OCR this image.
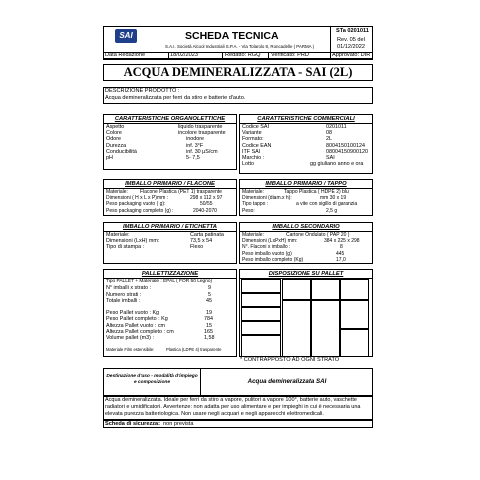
SAI	SCHEDA TECNICA
S.A.I. Società Alcool Industriali S.P.A. - Via Tolarolo 8, Roncadelle ( PARMA )
STa 0201011
Rev. 05 del
01/12/2022
Data Redazione	18/02/2023	Redatto: RGQ Verificato: PRD	Approvato: DIR
ACQUA DEMINERALIZZATA - SAI (2L)
DESCRIZIONE PRODOTTO :
Acqua demineralizzata per ferri da stiro e batterie d'auto.
CARATTERISTICHE ORGANOLETTICHE
Aspetto	liquido trasparente
Colore	incolore trasparente
Odore	inodore
Durezza	inf. 3°F
Conducibilità	inf. 30 µS/cm
pH	5- 7,5
CARATTERISTICHE COMMERCIALI
Codice SAI	0201011
Variante	08
Formato:	2L
Codice EAN	8004150100124
ITF SAI	08004150900120
Marchio :	SAI
Lotto	gg giuliano anno e ora
IMBALLO PRIMARIO / FLACONE
Materiale: Flacone Plastica (PET 1) trasparente
Dimensioni ( H x L x P)mm :	298 x 112 x 97
Peso packaging vuoto ( g):	50/55
Peso packaging completo (g) :	2040-2070
IMBALLO PRIMARIO / TAPPO
Materiale:	Tappo Plastica ( HDPE 2) blu
Dimensioni (diam.x h):	mm 30 x 19
Tipo tappo :	a vite con sigillo di garanzia
Peso:	2,5 g
IMBALLO PRIMARIO / ETICHETTA
Materiale:	Carta patinata
Dimensioni (LxH) mm:	73,5 x 54
Tipo di stampa :	Flexo
IMBALLO SECONDARIO
Materiale:	Cartone Ondulato ( PAP 20 )
Dimensioni (LxPxH) mm:	384 x 225 x 298
N°. Flaconi x imballo :	8
Peso imballo vuoto (g)	445
Peso imballo completo (Kg)	17,0
PALLETTIZZAZIONE
Tipo PALLET + Materiale : EPAL ( FOR 50 Legno)
N° imballi x strato :	9
Numero strati :	5
Totale imballi :	45
Peso Pallet vuoto : Kg	19
Peso Pallet completo : Kg	784
Altezza Pallet vuoto : cm	15
Altezza Pallet completo : cm	165
Volume pallet (m3) :	1,58
Materiale Film estensibile:	Plastica (LDPE 4) trasparente
DISPOSIZIONE SU PALLET
* CONTRAPPOSTO AD OGNI STRATO
Destinazione d'uso - modalità d'impiego e composizione	Acqua demineralizzata SAI
Acqua demineralizzata. Ideale per ferri da stiro a vapore, pulitori a vapore 100°, batterie auto, vaschette
radiatori e umidificatori. Avvertenze: non adatta per uso alimentare e per impieghi in cui è necessaria una
elevata purezza batteriologica. Non usare negli acquari e negli apparecchi elettromedicali.
Scheda di sicurezza: non prevista
